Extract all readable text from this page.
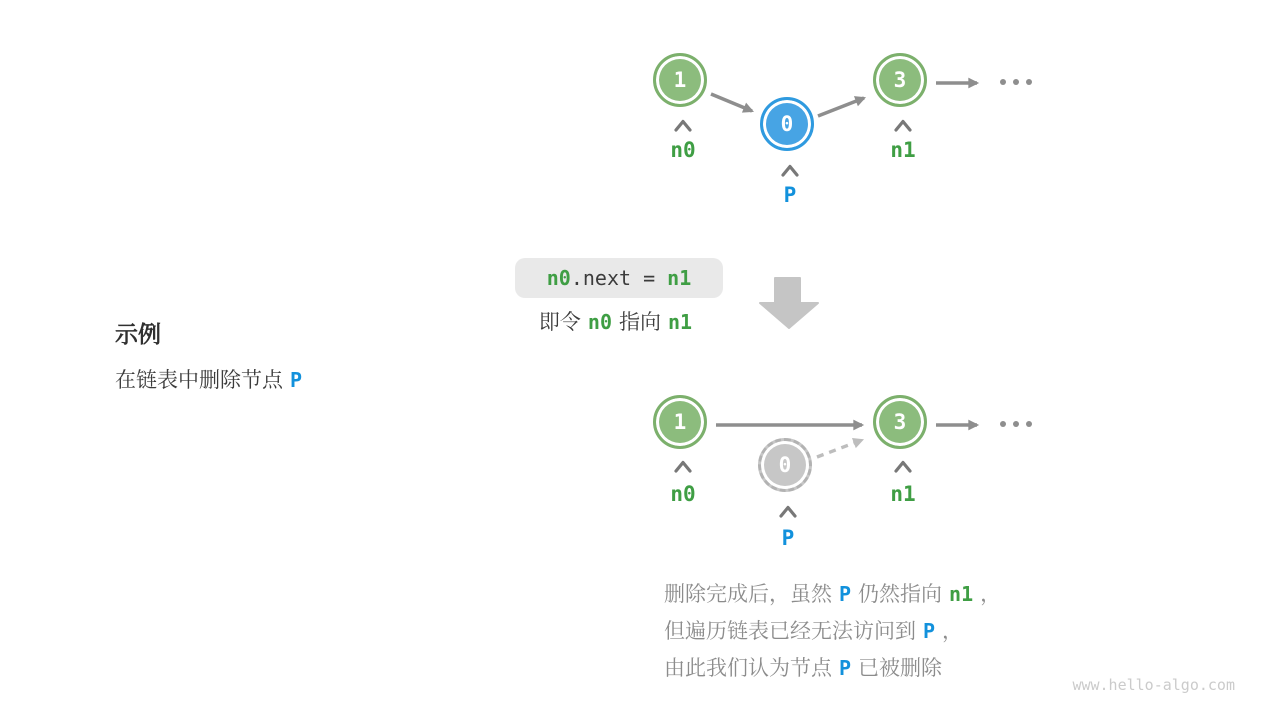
示例
在链表中删除节点 P
1
0
3
n0	n1
P
n0 .next = n1
即令 n0 指向 n1
1
0
3
n0	n1
P
删除完成后，虽然 P 仍然指向 n1 ，
但遍历链表已经无法访问到 P ，
由此我们认为节点 P 已被删除
www.hello-algo.com
